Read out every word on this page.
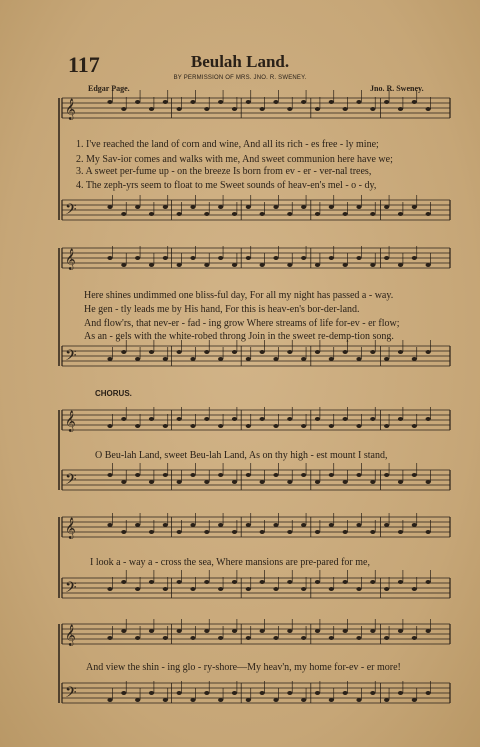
117	Beulah Land.
BY PERMISSION OF MRS. JNO. R. SWENEY.
Edgar Page.	Jno. R. Sweney.
𝄞
𝄢
𝄞
𝄢
𝄞
𝄢
𝄞
𝄢
𝄞
𝄢
1. I've reached the land of corn and wine, And all its rich - es free - ly mine;
2. My Sav-ior comes and walks with me, And sweet communion here have we;
3. A sweet per-fume up - on the breeze Is born from ev - er - ver-nal trees,
4. The zeph-yrs seem to float to me Sweet sounds of heav-en's mel - o - dy,
Here shines undimmed one bliss-ful day, For all my night has passed a - way.
He gen - tly leads me by His hand, For this is heav-en's bor-der-land.
And flow'rs, that nev-er - fad - ing grow Where streams of life for-ev - er flow;
As an - gels with the white-robed throng Join in the sweet re-demp-tion song.
CHORUS.
O Beu-lah Land, sweet Beu-lah Land, As on thy high - est mount I stand,
I look a - way a - cross the sea, Where mansions are pre-pared for me,
And view the shin - ing glo - ry-shore—My heav'n, my home for-ev - er more!
